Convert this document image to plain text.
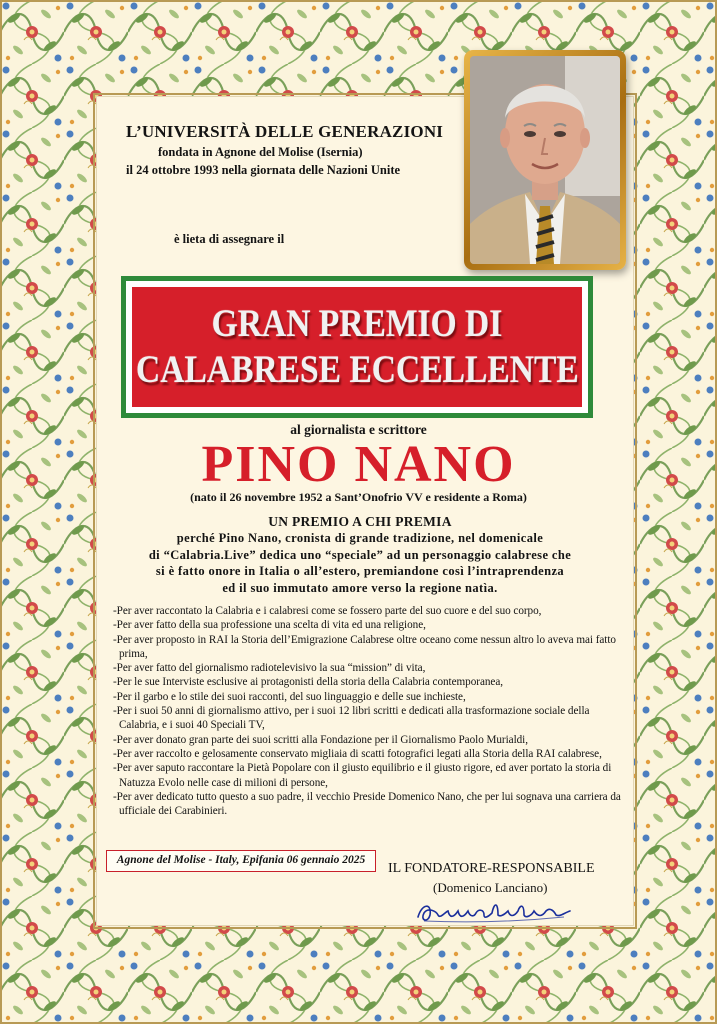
L’UNIVERSITÀ DELLE GENERAZIONI
fondata in Agnone del Molise (Isernia)
il 24 ottobre 1993 nella giornata delle Nazioni Unite
è lieta di assegnare il
GRAN PREMIO DI
CALABRESE ECCELLENTE
al giornalista e scrittore
PINO NANO
(nato il 26 novembre 1952 a Sant’Onofrio VV e residente a Roma)
UN PREMIO A CHI PREMIA
perché Pino Nano, cronista di grande tradizione, nel domenicale
di “Calabria.Live” dedica uno “speciale” ad un personaggio calabrese che
si è fatto onore in Italia o all’estero, premiandone così l’intraprendenza
ed il suo immutato amore verso la regione natìa.
-Per aver raccontato la Calabria e i calabresi come se fossero parte del suo cuore e del suo corpo,
-Per aver fatto della sua professione una scelta di vita ed una religione,
-Per aver proposto in RAI la Storia dell’Emigrazione Calabrese oltre oceano come nessun altro lo aveva mai fatto prima,
-Per aver fatto del giornalismo radiotelevisivo la sua “mission” di vita,
-Per le sue Interviste esclusive ai protagonisti della storia della Calabria contemporanea,
-Per il garbo e lo stile dei suoi racconti, del suo linguaggio e delle sue inchieste,
-Per i suoi 50 anni di giornalismo attivo, per i suoi 12 libri scritti e dedicati alla trasformazione sociale della Calabria, e i suoi 40 Speciali TV,
-Per aver donato gran parte dei suoi scritti alla Fondazione per il Giornalismo Paolo Murialdi,
-Per aver raccolto e gelosamente conservato migliaia di scatti fotografici legati alla Storia della RAI calabrese,
-Per aver saputo raccontare la Pietà Popolare con il giusto equilibrio e il giusto rigore, ed aver portato la storia di Natuzza Evolo nelle case di milioni di persone,
-Per aver dedicato tutto questo a suo padre, il vecchio Preside Domenico Nano, che per lui sognava una carriera da ufficiale dei Carabinieri.
Agnone del Molise - Italy, Epifania 06 gennaio 2025
IL FONDATORE-RESPONSABILE
(Domenico Lanciano)
